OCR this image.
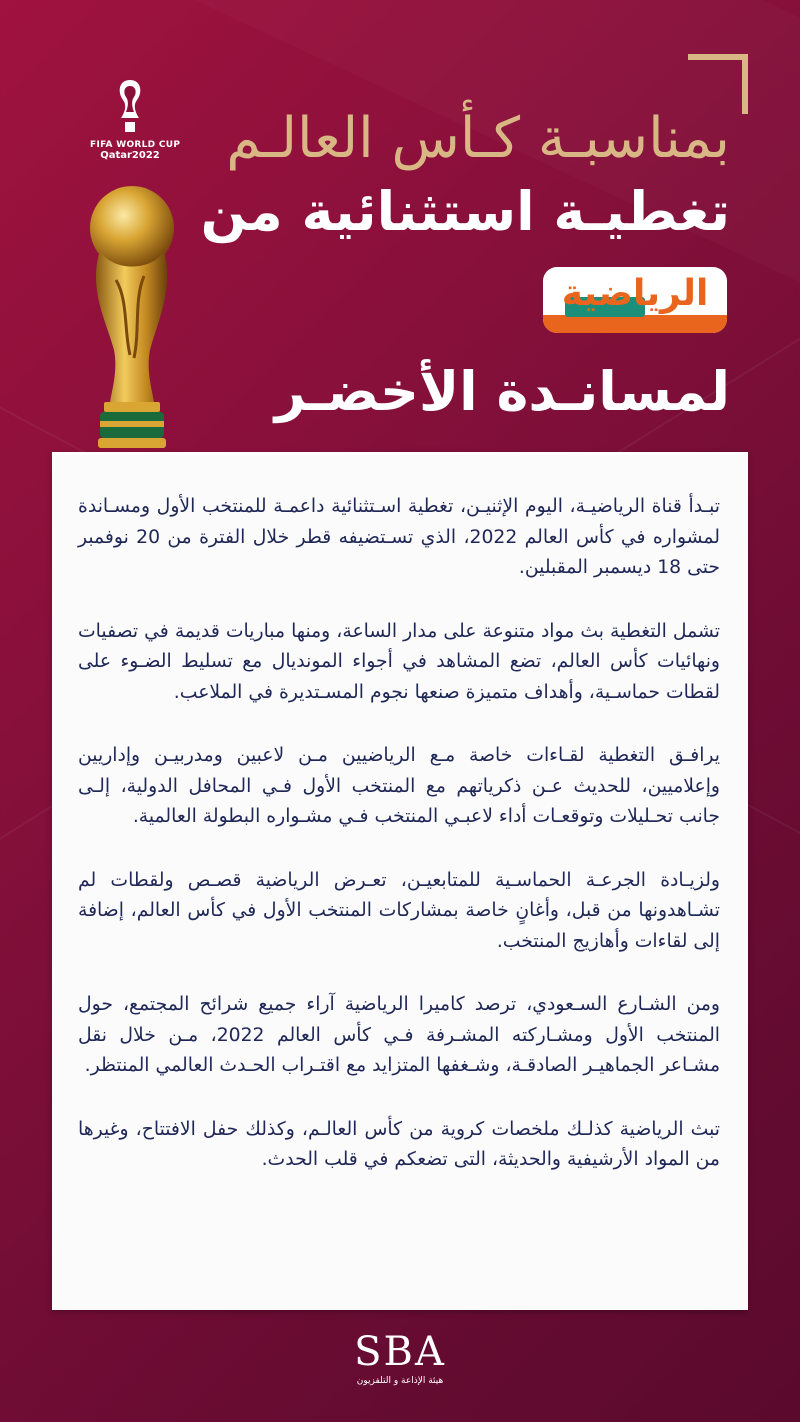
FIFA WORLD CUP
Qatar2022 بمناسبـة كـأس العالـم
تغطيـة استثنائية من
الرياضية
لمسانـدة الأخضـر

تبـدأ قناة الرياضيـة، اليوم الإثنيـن، تغطية اسـتثنائية داعمـة للمنتخب الأول ومسـاندة لمشواره في كأس العالم 2022، الذي تسـتضيفه قطر خلال الفترة من 20 نوفمبر حتى 18 ديسمبر المقبلين.

تشمل التغطية بث مواد متنوعة على مدار الساعة، ومنها مباريات قديمة في تصفيات ونهائيات كأس العالم، تضع المشاهد في أجواء المونديال مع تسليط الضـوء على لقطات حماسـية، وأهداف متميزة صنعها نجوم المسـتديرة في الملاعب.

يرافـق التغطية لقـاءات خاصة مـع الرياضيين مـن لاعبين ومدربيـن وإداريين وإعلاميين، للحديث عـن ذكرياتهم مع المنتخب الأول فـي المحافل الدولية، إلـى جانب تحـليلات وتوقعـات أداء لاعبـي المنتخب فـي مشـواره البطولة العالمية.

ولزيـادة الجرعـة الحماسـية للمتابعيـن، تعـرض الرياضية قصـص ولقطات لم تشـاهدونها من قبل، وأغانٍ خاصة بمشاركات المنتخب الأول في كأس العالم، إضافة إلى لقاءات وأهازيج المنتخب.

ومن الشـارع السـعودي، ترصد كاميرا الرياضية آراء جميع شرائح المجتمع، حول المنتخب الأول ومشـاركته المشـرفة فـي كأس العالم 2022، مـن خلال نقل مشـاعر الجماهيـر الصادقـة، وشـغفها المتزايد مع اقتـراب الحـدث العالمي المنتظر.

تبث الرياضية كذلـك ملخصات كروية من كأس العالـم، وكذلك حفل الافتتاح، وغيرها من المواد الأرشيفية والحديثة، التى تضعكم في قلب الحدث.

SBA
هيئة الإذاعة و التلفزيون
